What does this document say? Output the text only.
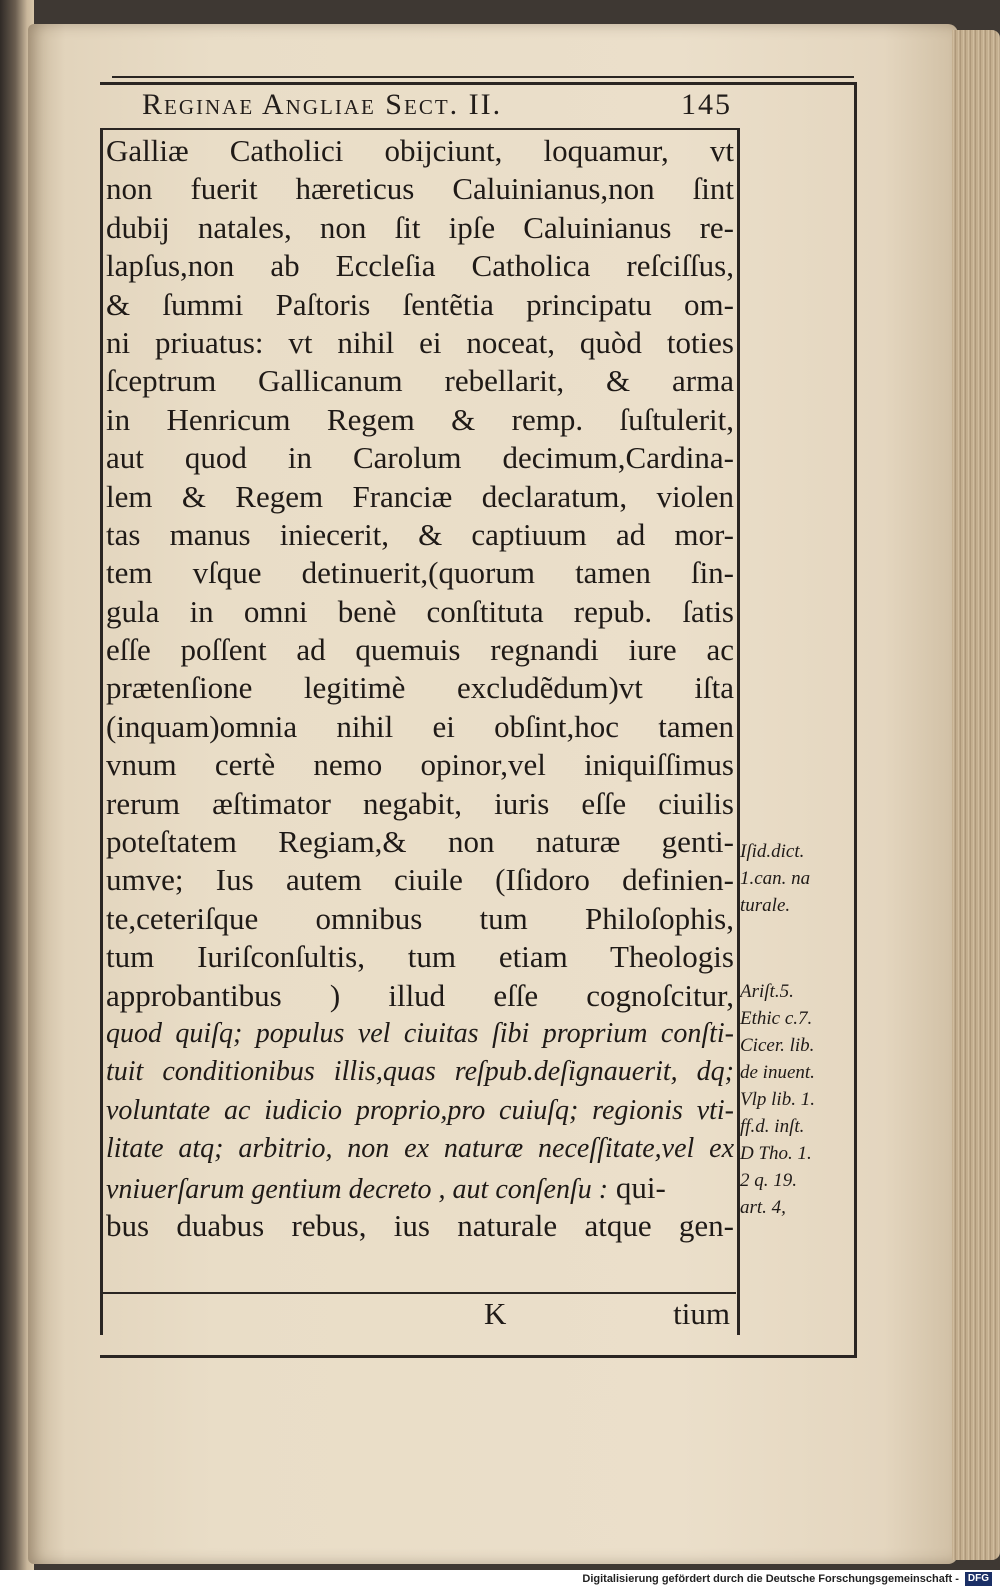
Reginae Angliae Sect. II.	145
Galliæ Catholici obijciunt, loquamur, vt
non fuerit hæreticus Caluinianus,non ſint
dubij natales, non ſit ipſe Caluinianus re-
lapſus,non ab Eccleſia Catholica reſciſſus,
& ſummi Paſtoris ſentẽtia principatu om-
ni priuatus: vt nihil ei noceat, quòd toties
ſceptrum Gallicanum rebellarit, & arma
in Henricum Regem & remp. ſuſtulerit,
aut quod in Carolum decimum,Cardina-
lem & Regem Franciæ declaratum, violen
tas manus iniecerit, & captiuum ad mor-
tem vſque detinuerit,(quorum tamen ſin-
gula in omni benè conſtituta repub. ſatis
eſſe poſſent ad quemuis regnandi iure ac
prætenſione legitimè excludẽdum)vt iſta
(inquam)omnia nihil ei obſint,hoc tamen
vnum certè nemo opinor,vel iniquiſſimus
rerum æſtimator negabit, iuris eſſe ciuilis
poteſtatem Regiam,& non naturæ genti-
umve; Ius autem ciuile (Iſidoro definien-
te,ceteriſque omnibus tum Philoſophis,
tum Iuriſconſultis, tum etiam Theologis
approbantibus ) illud eſſe cognoſcitur,
quod quiſq; populus vel ciuitas ſibi proprium conſti-
tuit conditionibus illis,quas reſpub.deſignauerit, dq;
voluntate ac iudicio proprio,pro cuiuſq; regionis vti-
litate atq; arbitrio, non ex naturæ neceſſitate,vel ex
vniuerſarum gentium decreto , aut conſenſu : qui-
bus duabus rebus, ius naturale atque gen-
K	tium
Iſid.dict.
1.can. na
turale.
Ariſt.5.
Ethic c.7.
Cicer. lib.
de inuent.
Vlp lib. 1.
ff.d. inſt.
D Tho. 1.
2 q. 19.
art. 4,
Digitalisierung gefördert durch die Deutsche Forschungsgemeinschaft - DFG
